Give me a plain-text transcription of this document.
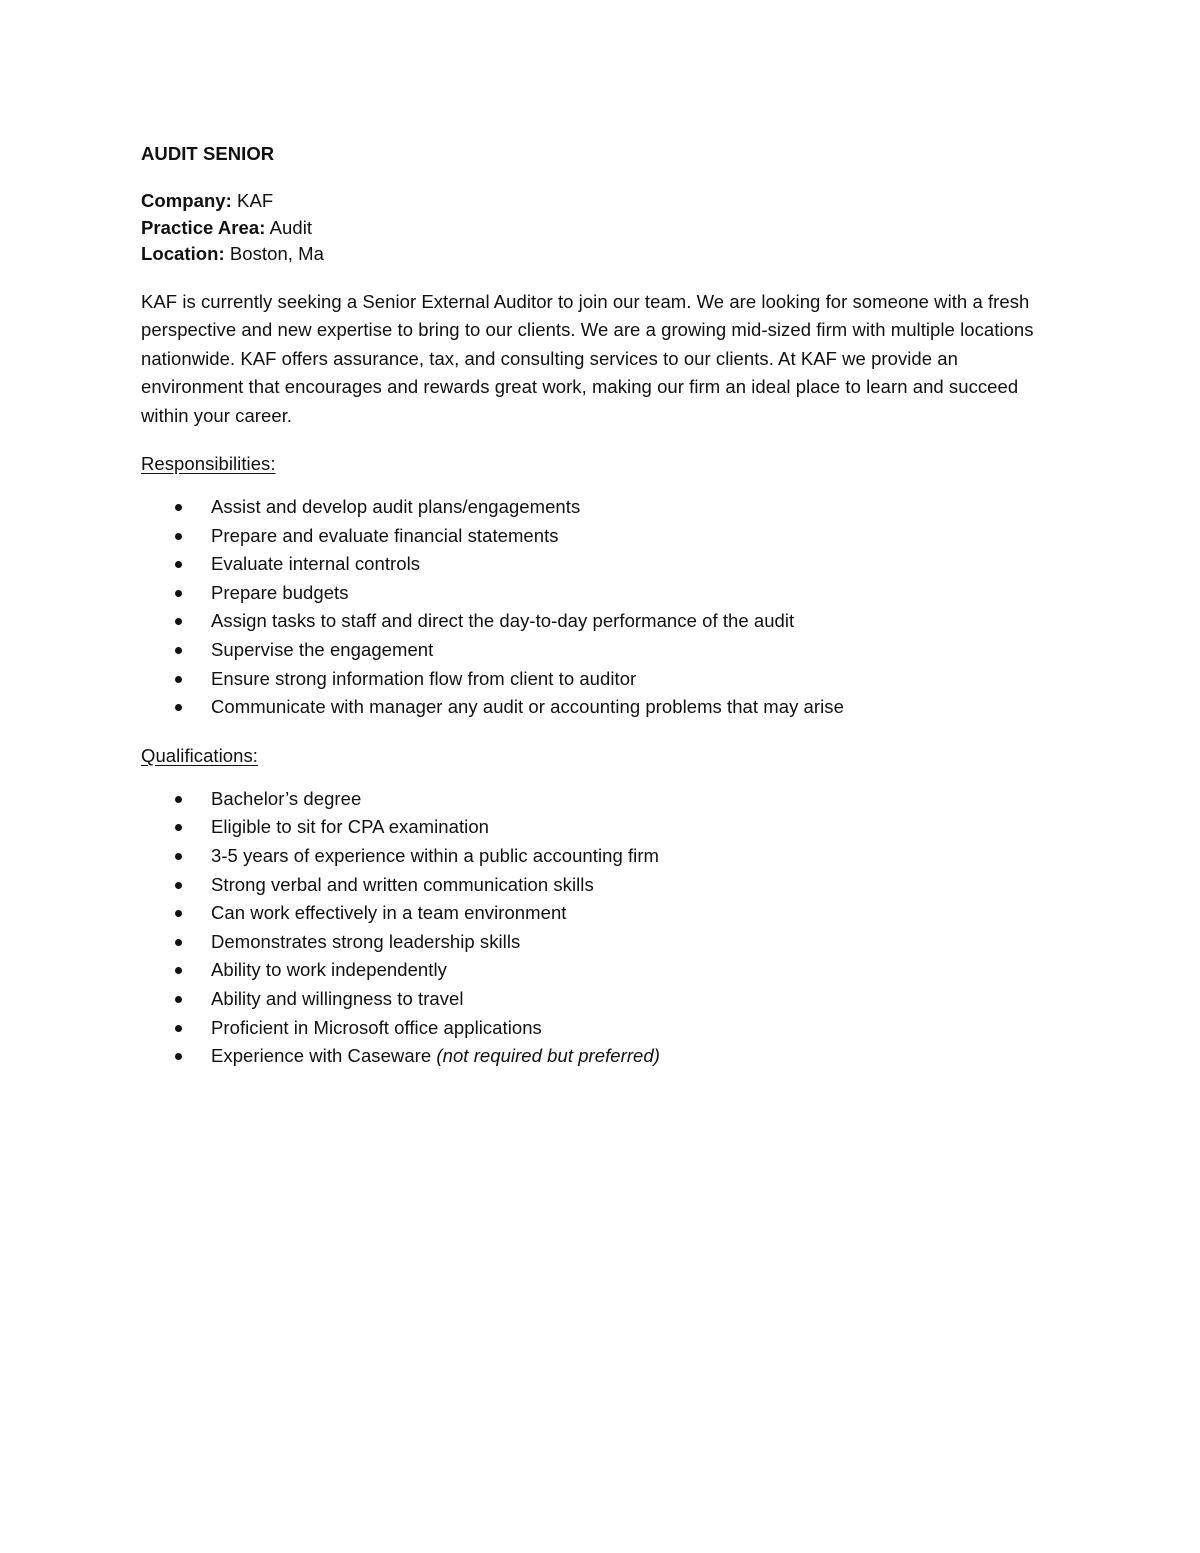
AUDIT SENIOR

Company: KAF

Practice Area: Audit

Location: Boston, Ma

KAF is currently seeking a Senior External Auditor to join our team. We are looking for someone with a fresh perspective and new expertise to bring to our clients. We are a growing mid-sized firm with multiple locations nationwide. KAF offers assurance, tax, and consulting services to our clients. At KAF we provide an environment that encourages and rewards great work, making our firm an ideal place to learn and succeed within your career.

Responsibilities:

Assist and develop audit plans/engagements
Prepare and evaluate financial statements
Evaluate internal controls
Prepare budgets
Assign tasks to staff and direct the day-to-day performance of the audit
Supervise the engagement
Ensure strong information flow from client to auditor
Communicate with manager any audit or accounting problems that may arise

Qualifications:

Bachelor’s degree
Eligible to sit for CPA examination
3-5 years of experience within a public accounting firm
Strong verbal and written communication skills
Can work effectively in a team environment
Demonstrates strong leadership skills
Ability to work independently
Ability and willingness to travel
Proficient in Microsoft office applications
Experience with Caseware (not required but preferred)
